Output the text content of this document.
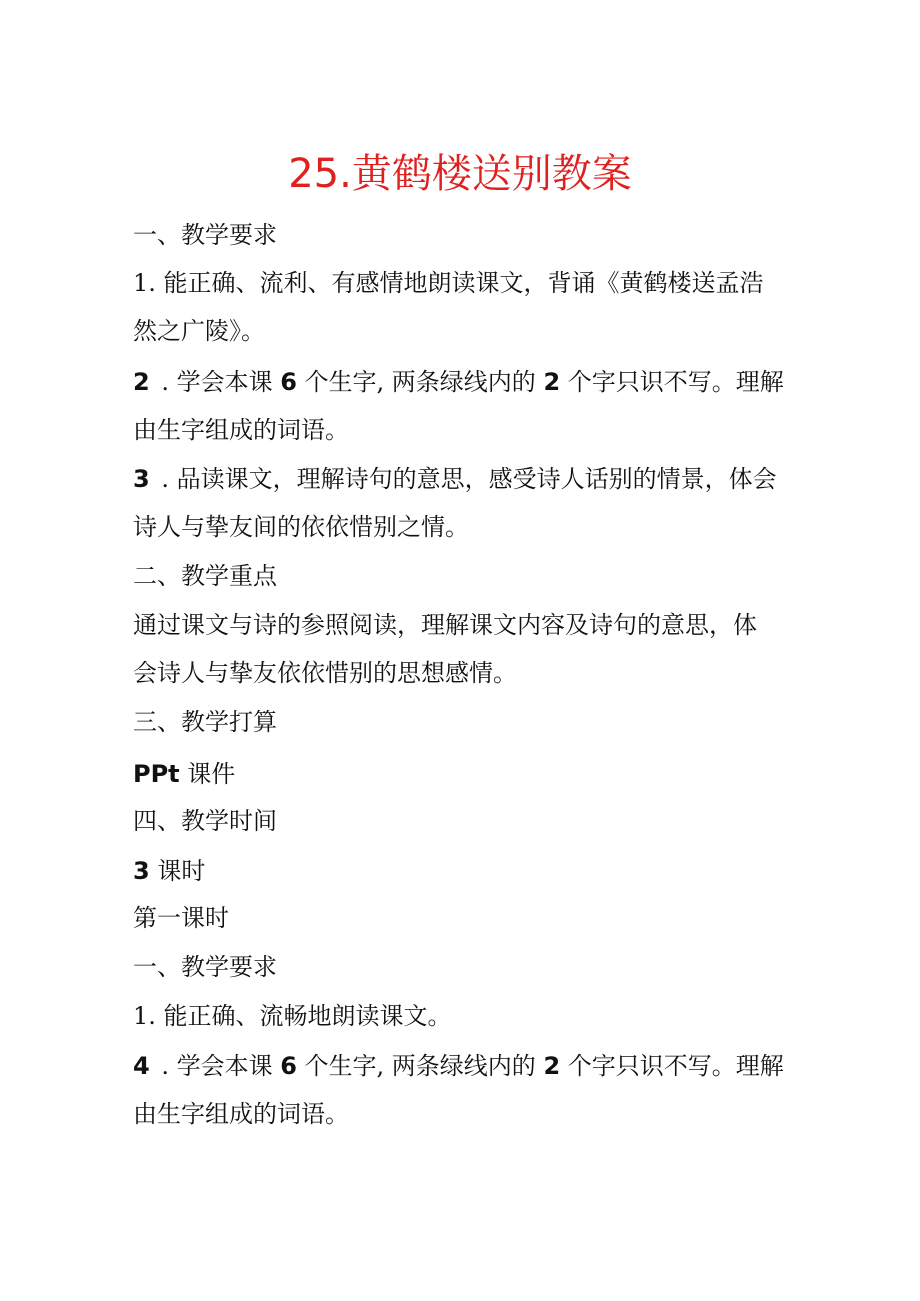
25.黄鹤楼送别教案
一、教学要求
1. 能正确、流利、有感情地朗读课文，背诵《黄鹤楼送孟浩
然之广陵》。
2 . 学会本课 6 个生字, 两条绿线内的 2 个字只识不写。理解
由生字组成的词语。
3 . 品读课文，理解诗句的意思，感受诗人话别的情景，体会
诗人与挚友间的依依惜别之情。
二、教学重点
通过课文与诗的参照阅读，理解课文内容及诗句的意思，体
会诗人与挚友依依惜别的思想感情。
三、教学打算
PPt 课件
四、教学时间
3 课时
第一课时
一、教学要求
1. 能正确、流畅地朗读课文。
4 . 学会本课 6 个生字, 两条绿线内的 2 个字只识不写。理解
由生字组成的词语。
